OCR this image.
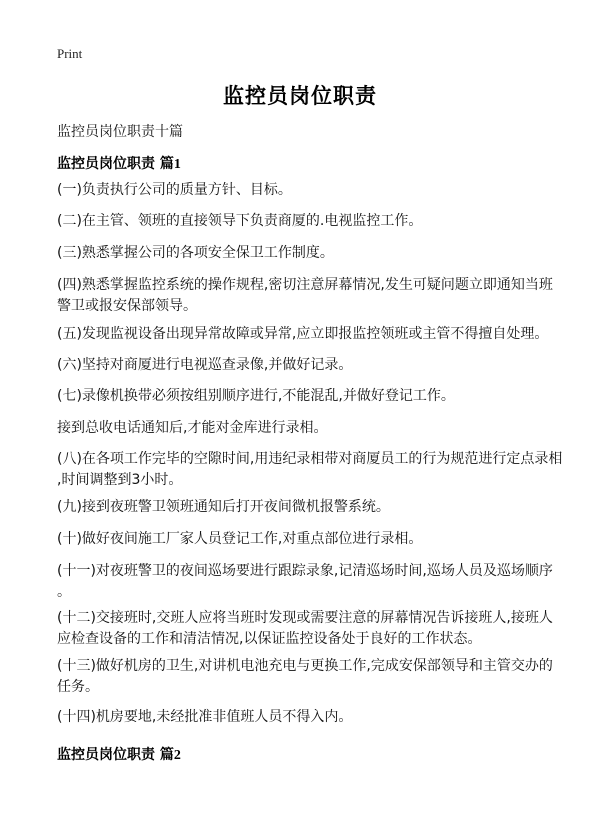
Print
监控员岗位职责
监控员岗位职责十篇
监控员岗位职责 篇1
(一)负责执行公司的质量方针、目标。
(二)在主管、领班的直接领导下负责商厦的.电视监控工作。
(三)熟悉掌握公司的各项安全保卫工作制度。
(四)熟悉掌握监控系统的操作规程,密切注意屏幕情况,发生可疑问题立即通知当班
警卫或报安保部领导。
(五)发现监视设备出现异常故障或异常,应立即报监控领班或主管不得擅自处理。
(六)坚持对商厦进行电视巡查录像,并做好记录。
(七)录像机换带必须按组别顺序进行,不能混乱,并做好登记工作。
接到总收电话通知后,才能对金库进行录相。
(八)在各项工作完毕的空隙时间,用违纪录相带对商厦员工的行为规范进行定点录相
,时间调整到3小时。
(九)接到夜班警卫领班通知后打开夜间微机报警系统。
(十)做好夜间施工厂家人员登记工作,对重点部位进行录相。
(十一)对夜班警卫的夜间巡场要进行跟踪录象,记清巡场时间,巡场人员及巡场顺序
。
(十二)交接班时,交班人应将当班时发现或需要注意的屏幕情况告诉接班人,接班人
应检查设备的工作和清洁情况,以保证监控设备处于良好的工作状态。
(十三)做好机房的卫生,对讲机电池充电与更换工作,完成安保部领导和主管交办的
任务。
(十四)机房要地,未经批准非值班人员不得入内。
监控员岗位职责 篇2
